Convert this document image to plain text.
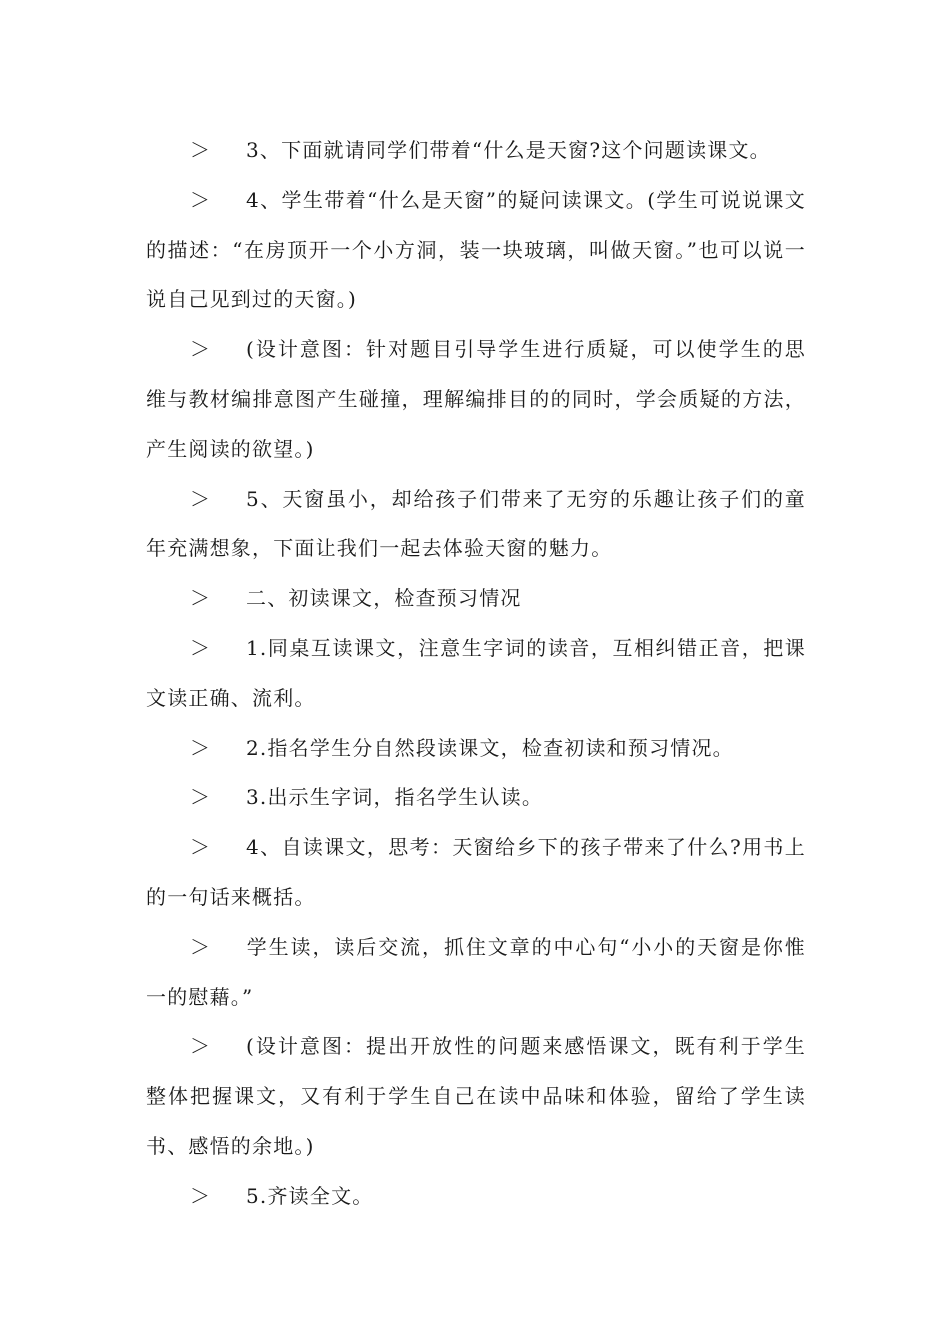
＞ 3、下面就请同学们带着“什么是天窗?这个问题读课文。

＞ 4、学生带着“什么是天窗”的疑问读课文。(学生可说说课文的描述：“在房顶开一个小方洞，装一块玻璃，叫做天窗。”也可以说一说自己见到过的天窗。)

＞ (设计意图：针对题目引导学生进行质疑，可以使学生的思维与教材编排意图产生碰撞，理解编排目的的同时，学会质疑的方法，产生阅读的欲望。)

＞ 5、天窗虽小，却给孩子们带来了无穷的乐趣让孩子们的童年充满想象，下面让我们一起去体验天窗的魅力。

＞ 二、初读课文，检查预习情况

＞ 1.同桌互读课文，注意生字词的读音，互相纠错正音，把课文读正确、流利。

＞ 2.指名学生分自然段读课文，检查初读和预习情况。

＞ 3.出示生字词，指名学生认读。

＞ 4、自读课文，思考：天窗给乡下的孩子带来了什么?用书上的一句话来概括。

＞ 学生读，读后交流，抓住文章的中心句“小小的天窗是你惟一的慰藉。”

＞ (设计意图：提出开放性的问题来感悟课文，既有利于学生整体把握课文，又有利于学生自己在读中品味和体验，留给了学生读书、感悟的余地。)

＞ 5.齐读全文。
